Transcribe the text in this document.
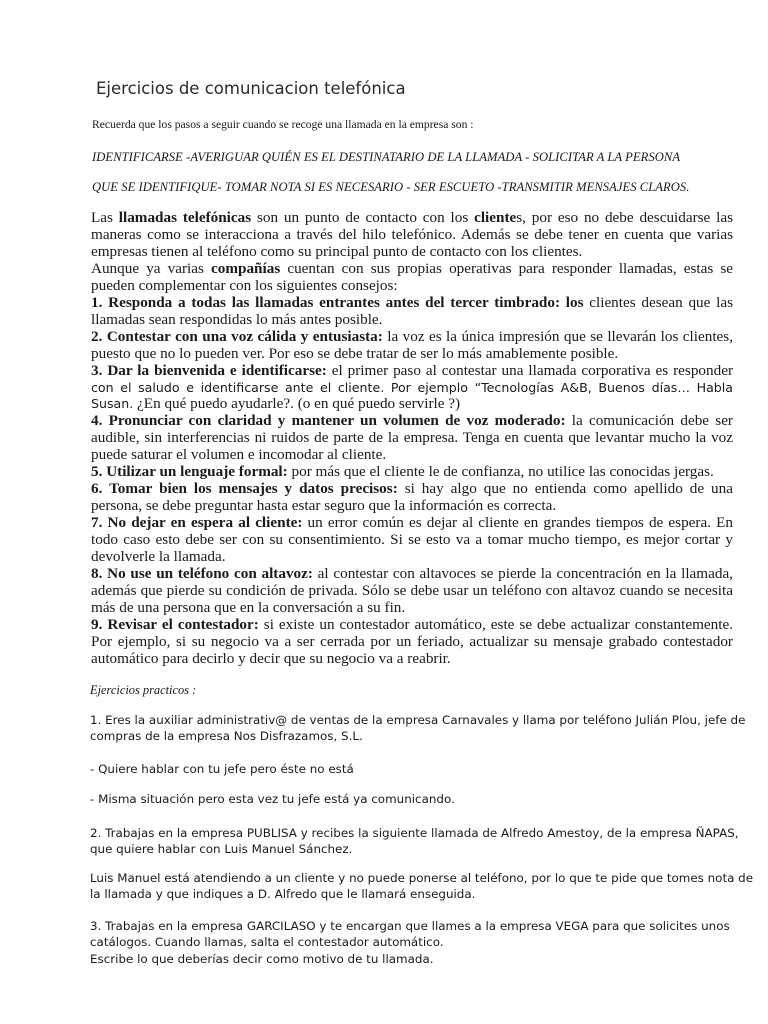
Ejercicios de comunicacion telefónica
Recuerda que los pasos a seguir cuando se recoge una llamada en la empresa son :
IDENTIFICARSE -AVERIGUAR QUIÉN ES EL DESTINATARIO DE LA LLAMADA - SOLICITAR A LA PERSONA
QUE SE IDENTIFIQUE- TOMAR NOTA SI ES NECESARIO - SER ESCUETO -TRANSMITIR MENSAJES CLAROS.

Las llamadas telefónicas son un punto de contacto con los clientes, por eso no debe descuidarse las maneras como se interacciona a través del hilo telefónico. Además se debe tener en cuenta que varias empresas tienen al teléfono como su principal punto de contacto con los clientes.

Aunque ya varias compañías cuentan con sus propias operativas para responder llamadas, estas se pueden complementar con los siguientes consejos:

1. Responda a todas las llamadas entrantes antes del tercer timbrado: los clientes desean que las llamadas sean respondidas lo más antes posible.

2. Contestar con una voz cálida y entusiasta: la voz es la única impresión que se llevarán los clientes, puesto que no lo pueden ver. Por eso se debe tratar de ser lo más amablemente posible.

3. Dar la bienvenida e identificarse: el primer paso al contestar una llamada corporativa es responder con el saludo e identificarse ante el cliente. Por ejemplo “Tecnologías A&B, Buenos días… Habla Susan. ¿En qué puedo ayudarle?. (o en qué puedo servirle ?)

4. Pronunciar con claridad y mantener un volumen de voz moderado: la comunicación debe ser audible, sin interferencias ni ruidos de parte de la empresa. Tenga en cuenta que levantar mucho la voz puede saturar el volumen e incomodar al cliente.

5. Utilizar un lenguaje formal: por más que el cliente le de confianza, no utilice las conocidas jergas.

6. Tomar bien los mensajes y datos precisos: si hay algo que no entienda como apellido de una persona, se debe preguntar hasta estar seguro que la información es correcta.

7. No dejar en espera al cliente: un error común es dejar al cliente en grandes tiempos de espera. En todo caso esto debe ser con su consentimiento. Si se esto va a tomar mucho tiempo, es mejor cortar y devolverle la llamada.

8. No use un teléfono con altavoz: al contestar con altavoces se pierde la concentración en la llamada, además que pierde su condición de privada. Sólo se debe usar un teléfono con altavoz cuando se necesita más de una persona que en la conversación a su fin.

9. Revisar el contestador: si existe un contestador automático, este se debe actualizar constantemente. Por ejemplo, si su negocio va a ser cerrada por un feriado, actualizar su mensaje grabado contestador automático para decirlo y decir que su negocio va a reabrir.

Ejercicios practicos :
1. Eres la auxiliar administrativ@ de ventas de la empresa Carnavales y llama por teléfono Julián Plou, jefe de
compras de la empresa Nos Disfrazamos, S.L.
- Quiere hablar con tu jefe pero éste no está
- Misma situación pero esta vez tu jefe está ya comunicando.
2. Trabajas en la empresa PUBLISA y recibes la siguiente llamada de Alfredo Amestoy, de la empresa ÑAPAS,
que quiere hablar con Luis Manuel Sánchez.
Luis Manuel está atendiendo a un cliente y no puede ponerse al teléfono, por lo que te pide que tomes nota de
la llamada y que indiques a D. Alfredo que le llamará enseguida.
3. Trabajas en la empresa GARCILASO y te encargan que llames a la empresa VEGA para que solicites unos
catálogos. Cuando llamas, salta el contestador automático.
Escribe lo que deberías decir como motivo de tu llamada.
